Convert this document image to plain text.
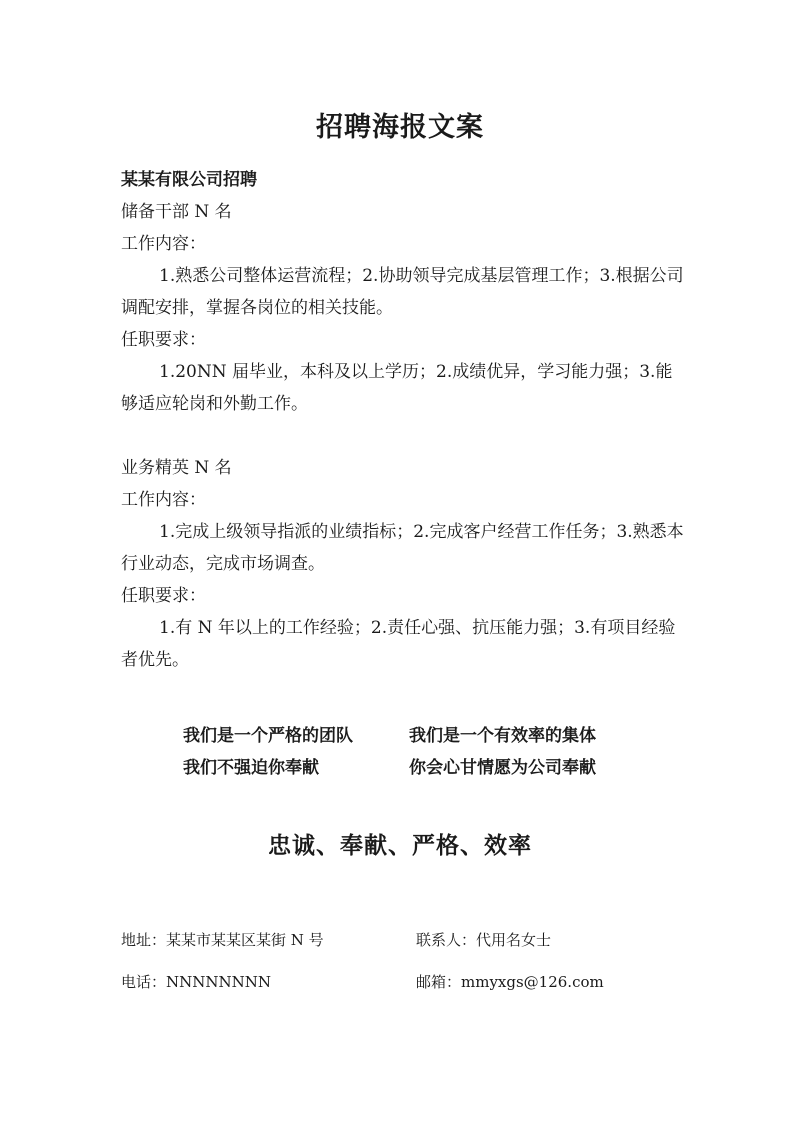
招聘海报文案

某某有限公司招聘

储备干部 N 名

工作内容：

1.熟悉公司整体运营流程；2.协助领导完成基层管理工作；3.根据公司调配安排，掌握各岗位的相关技能。

任职要求：

1.20NN 届毕业，本科及以上学历；2.成绩优异，学习能力强；3.能够适应轮岗和外勤工作。

业务精英 N 名

工作内容：

1.完成上级领导指派的业绩指标；2.完成客户经营工作任务；3.熟悉本行业动态，完成市场调查。

任职要求：

1.有 N 年以上的工作经验；2.责任心强、抗压能力强；3.有项目经验者优先。

我们是一个严格的团队	我们是一个有效率的集体
我们不强迫你奉献	你会心甘情愿为公司奉献
忠诚、奉献、严格、效率
地址：某某市某某区某街 N 号	联系人：代用名女士
电话：NNNNNNNN	邮箱：mmyxgs@126.com
